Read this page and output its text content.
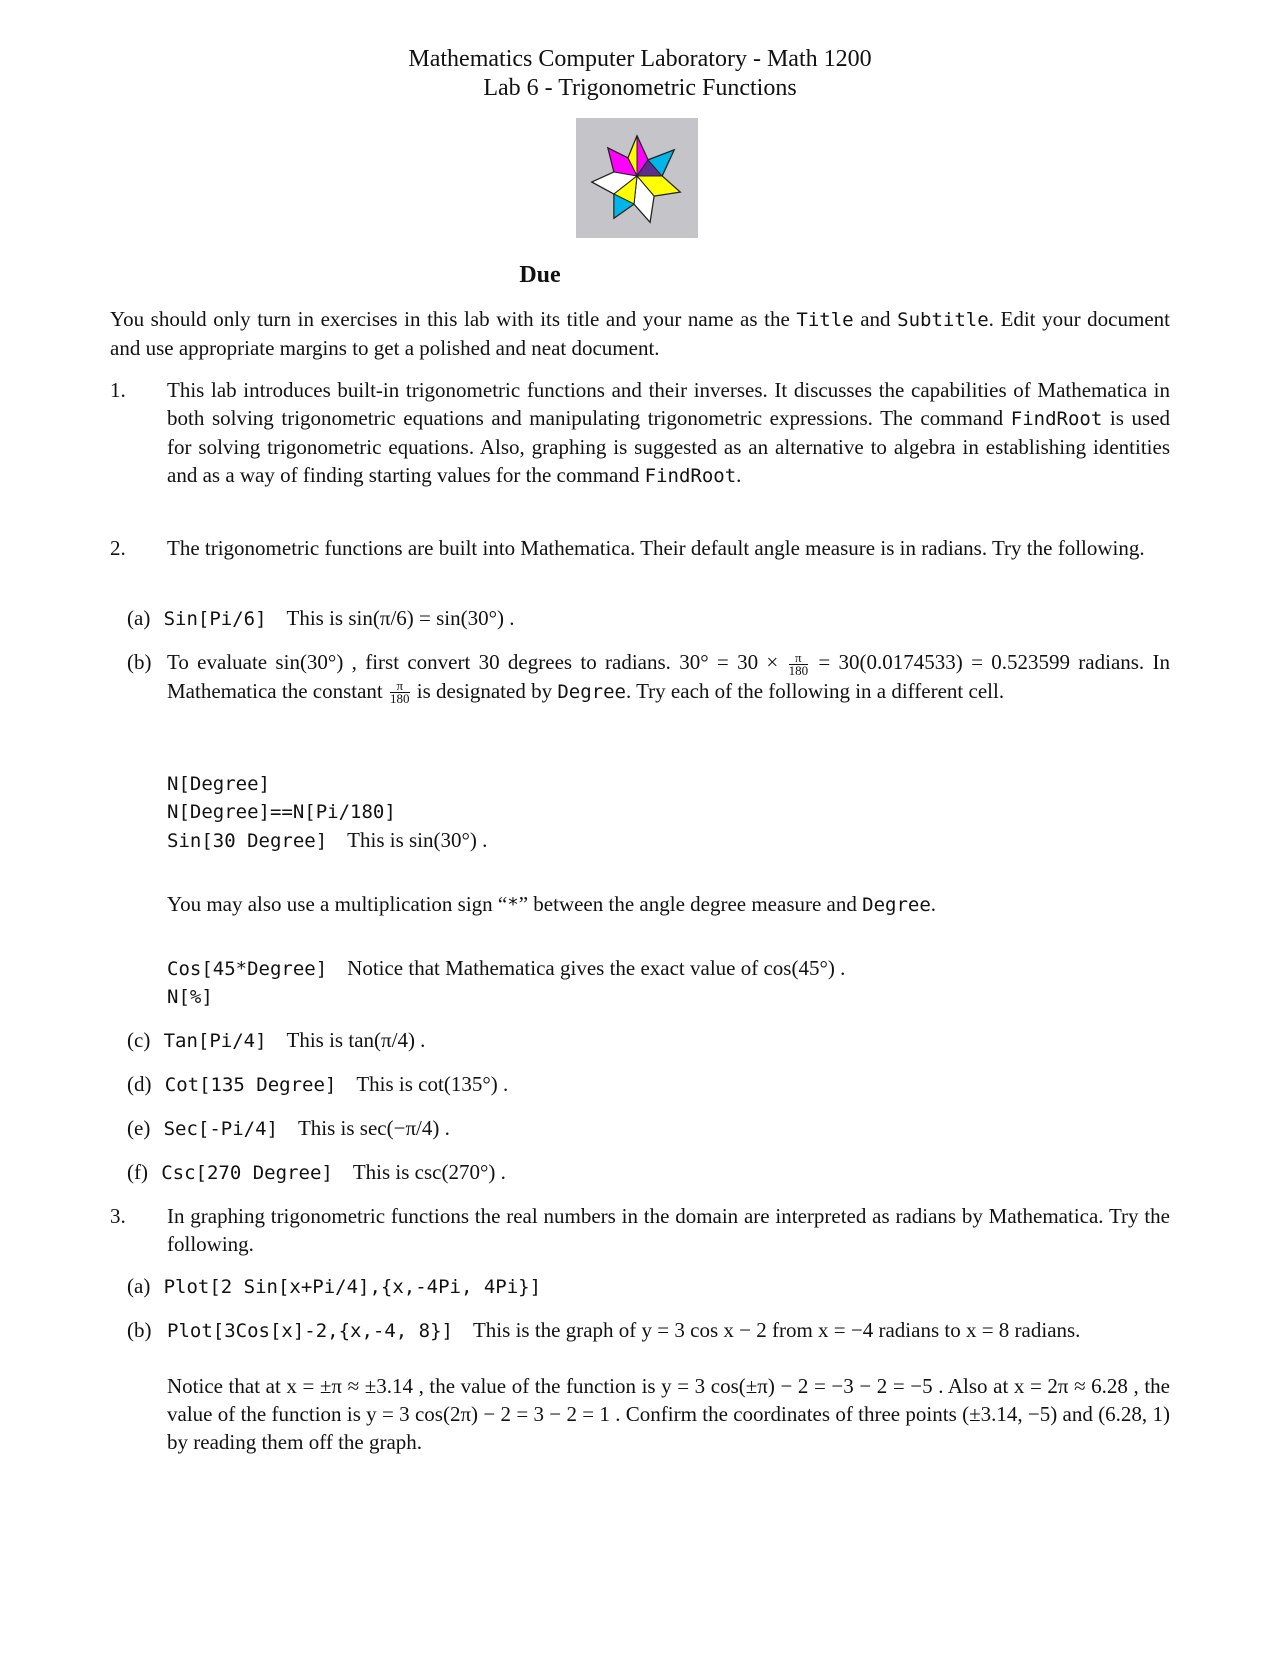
Mathematics Computer Laboratory - Math 1200
Lab 6 - Trigonometric Functions
Due
You should only turn in exercises in this lab with its title and your name as the Title and Subtitle. Edit your document and use appropriate margins to get a polished and neat document.
1. This lab introduces built-in trigonometric functions and their inverses. It discusses the capabilities of Mathematica in both solving trigonometric equations and manipulating trigonometric expressions. The command FindRoot is used for solving trigonometric equations. Also, graphing is suggested as an alternative to algebra in establishing identities and as a way of finding starting values for the command FindRoot.
2. The trigonometric functions are built into Mathematica. Their default angle measure is in radians. Try the following.
(a) Sin[Pi/6] This is sin(π/6) = sin(30°) .
(b) To evaluate sin(30°) , first convert 30 degrees to radians. $30^\circ = 30 \times \frac{\pi}{180} = 30(0.0174533) = 0.523599$ radians. In Mathematica the constant $\frac{\pi}{180}$ is designated by Degree. Try each of the following in a different cell.
N[Degree]
N[Degree]==N[Pi/180]
Sin[30 Degree] This is sin(30°) .
You may also use a multiplication sign “*” between the angle degree measure and Degree.
Cos[45*Degree] Notice that Mathematica gives the exact value of cos(45°) .
N[%]
(c) Tan[Pi/4] This is tan(π/4) .
(d) Cot[135 Degree] This is cot(135°) .
(e) Sec[-Pi/4] This is sec(−π/4) .
(f) Csc[270 Degree] This is csc(270°) .
3. In graphing trigonometric functions the real numbers in the domain are interpreted as radians by Mathematica. Try the following.
(a) Plot[2 Sin[x+Pi/4],{x,-4Pi, 4Pi}]
(b) Plot[3Cos[x]-2,{x,-4, 8}] This is the graph of y = 3 cos x − 2 from x = −4 radians to x = 8 radians.
Notice that at x = ±π ≈ ±3.14 , the value of the function is y = 3 cos(±π) − 2 = −3 − 2 = −5 . Also at x = 2π ≈ 6.28 , the value of the function is y = 3 cos(2π) − 2 = 3 − 2 = 1 . Confirm the coordinates of three points (±3.14, −5) and (6.28, 1) by reading them off the graph.
